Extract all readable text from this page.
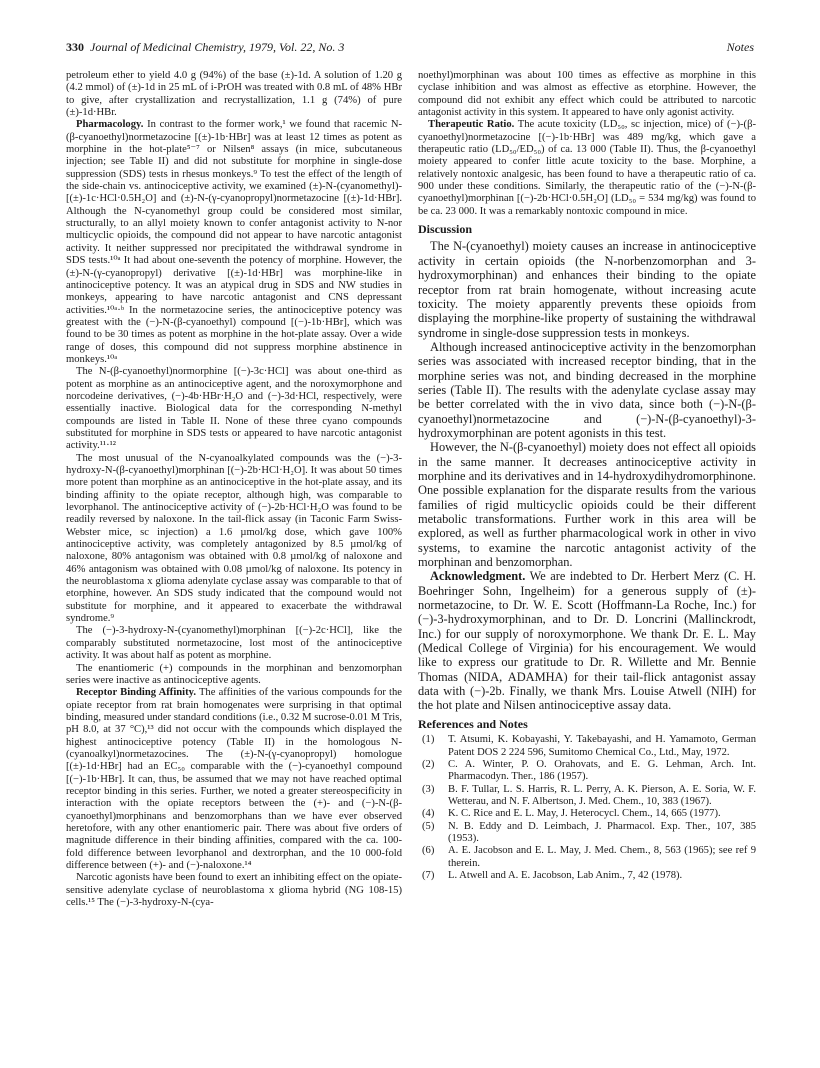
330 Journal of Medicinal Chemistry, 1979, Vol. 22, No. 3	Notes

petroleum ether to yield 4.0 g (94%) of the base (±)-1d. A solution of 1.20 g (4.2 mmol) of (±)-1d in 25 mL of i-PrOH was treated with 0.8 mL of 48% HBr to give, after crystallization and recrystallization, 1.1 g (74%) of pure (±)-1d·HBr.

Pharmacology. In contrast to the former work,¹ we found that racemic N-(β-cyanoethyl)normetazocine [(±)-1b·HBr] was at least 12 times as potent as morphine in the hot-plate⁵⁻⁷ or Nilsen⁸ assays (in mice, subcutaneous injection; see Table II) and did not substitute for morphine in single-dose suppression (SDS) tests in rhesus monkeys.⁹ To test the effect of the length of the side-chain vs. antinociceptive activity, we examined (±)-N-(cyanomethyl)- [(±)-1c·HCl·0.5H₂O] and (±)-N-(γ-cyanopropyl)normetazocine [(±)-1d·HBr]. Although the N-cyanomethyl group could be considered most similar, structurally, to an allyl moiety known to confer antagonist activity to N-nor multicyclic opioids, the compound did not appear to have narcotic antagonist activity. It neither suppressed nor precipitated the withdrawal syndrome in SDS tests.¹⁰ᵃ It had about one-seventh the potency of morphine. However, the (±)-N-(γ-cyanopropyl) derivative [(±)-1d·HBr] was morphine-like in antinociceptive potency. It was an atypical drug in SDS and NW studies in monkeys, appearing to have narcotic antagonist and CNS depressant activities.¹⁰ᵃ·ᵇ In the normetazocine series, the antinociceptive potency was greatest with the (−)-N-(β-cyanoethyl) compound [(−)-1b·HBr], which was found to be 30 times as potent as morphine in the hot-plate assay. Over a wide range of doses, this compound did not suppress morphine abstinence in monkeys.¹⁰ᵃ

The N-(β-cyanoethyl)normorphine [(−)-3c·HCl] was about one-third as potent as morphine as an antinociceptive agent, and the noroxymorphone and norcodeine derivatives, (−)-4b·HBr·H₂O and (−)-3d·HCl, respectively, were essentially inactive. Biological data for the corresponding N-methyl compounds are listed in Table II. None of these three cyano compounds substituted for morphine in SDS tests or appeared to have narcotic antagonist activity.¹¹·¹²

The most unusual of the N-cyanoalkylated compounds was the (−)-3-hydroxy-N-(β-cyanoethyl)morphinan [(−)-2b·HCl·H₂O]. It was about 50 times more potent than morphine as an antinociceptive in the hot-plate assay, and its binding affinity to the opiate receptor, although high, was comparable to levorphanol. The antinociceptive activity of (−)-2b·HCl·H₂O was found to be readily reversed by naloxone. In the tail-flick assay (in Taconic Farm Swiss-Webster mice, sc injection) a 1.6 µmol/kg dose, which gave 100% antinociceptive activity, was completely antagonized by 8.5 µmol/kg of naloxone, 80% antagonism was obtained with 0.8 µmol/kg of naloxone and 46% antagonism was obtained with 0.08 µmol/kg of naloxone. Its potency in the neuroblastoma x glioma adenylate cyclase assay was comparable to that of etorphine, however. An SDS study indicated that the compound would not substitute for morphine, and it appeared to exacerbate the withdrawal syndrome.⁹

The (−)-3-hydroxy-N-(cyanomethyl)morphinan [(−)-2c·HCl], like the comparably substituted normetazocine, lost most of the antinociceptive activity. It was about half as potent as morphine.

The enantiomeric (+) compounds in the morphinan and benzomorphan series were inactive as antinociceptive agents.

Receptor Binding Affinity. The affinities of the various compounds for the opiate receptor from rat brain homogenates were surprising in that optimal binding, measured under standard conditions (i.e., 0.32 M sucrose-0.01 M Tris, pH 8.0, at 37 °C),¹³ did not occur with the compounds which displayed the highest antinociceptive potency (Table II) in the homologous N-(cyanoalkyl)normetazocines. The (±)-N-(γ-cyanopropyl) homologue [(±)-1d·HBr] had an EC₅₀ comparable with the (−)-cyanoethyl compound [(−)-1b·HBr]. It can, thus, be assumed that we may not have reached optimal receptor binding in this series. Further, we noted a greater stereospecificity in interaction with the opiate receptors between the (+)- and (−)-N-(β-cyanoethyl)morphinans and benzomorphans than we have ever observed heretofore, with any other enantiomeric pair. There was about five orders of magnitude difference in their binding affinities, compared with the ca. 100-fold difference between levorphanol and dextrorphan, and the 10 000-fold difference between (+)- and (−)-naloxone.¹⁴

Narcotic agonists have been found to exert an inhibiting effect on the opiate-sensitive adenylate cyclase of neuroblastoma x glioma hybrid (NG 108-15) cells.¹⁵ The (−)-3-hydroxy-N-(cya-

noethyl)morphinan was about 100 times as effective as morphine in this cyclase inhibition and was almost as effective as etorphine. However, the compound did not exhibit any effect which could be attributed to narcotic antagonist activity in this system. It appeared to have only agonist activity.

Therapeutic Ratio. The acute toxicity (LD₅₀, sc injection, mice) of (−)-(β-cyanoethyl)normetazocine [(−)-1b·HBr] was 489 mg/kg, which gave a therapeutic ratio (LD₅₀/ED₅₀) of ca. 13 000 (Table II). Thus, the β-cyanoethyl moiety appeared to confer little acute toxicity to the base. Morphine, a relatively nontoxic analgesic, has been found to have a therapeutic ratio of ca. 900 under these conditions. Similarly, the therapeutic ratio of the (−)-N-(β-cyanoethyl)morphinan [(−)-2b·HCl·0.5H₂O] (LD₅₀ = 534 mg/kg) was found to be ca. 23 000. It was a remarkably nontoxic compound in mice.

Discussion

The N-(cyanoethyl) moiety causes an increase in antinociceptive activity in certain opioids (the N-norbenzomorphan and 3-hydroxymorphinan) and enhances their binding to the opiate receptor from rat brain homogenate, without increasing acute toxicity. The moiety apparently prevents these opioids from displaying the morphine-like property of sustaining the withdrawal syndrome in single-dose suppression tests in monkeys.

Although increased antinociceptive activity in the benzomorphan series was associated with increased receptor binding, that in the morphine series was not, and binding decreased in the morphine series (Table II). The results with the adenylate cyclase assay may be better correlated with the in vivo data, since both (−)-N-(β-cyanoethyl)normetazocine and (−)-N-(β-cyanoethyl)-3-hydroxymorphinan are potent agonists in this test.

However, the N-(β-cyanoethyl) moiety does not effect all opioids in the same manner. It decreases antinociceptive activity in morphine and its derivatives and in 14-hydroxydihydromorphinone. One possible explanation for the disparate results from the various families of rigid multicyclic opioids could be their different metabolic transformations. Further work in this area will be explored, as well as further pharmacological work in other in vivo systems, to examine the narcotic antagonist activity of the morphinan and benzomorphan.

Acknowledgment. We are indebted to Dr. Herbert Merz (C. H. Boehringer Sohn, Ingelheim) for a generous supply of (±)-normetazocine, to Dr. W. E. Scott (Hoffmann-La Roche, Inc.) for (−)-3-hydroxymorphinan, and to Dr. D. Loncrini (Mallinckrodt, Inc.) for our supply of noroxymorphone. We thank Dr. E. L. May (Medical College of Virginia) for his encouragement. We would like to express our gratitude to Dr. R. Willette and Mr. Bennie Thomas (NIDA, ADAMHA) for their tail-flick antagonist assay data with (−)-2b. Finally, we thank Mrs. Louise Atwell (NIH) for the hot plate and Nilsen antinociceptive assay data.

References and Notes
(1) T. Atsumi, K. Kobayashi, Y. Takebayashi, and H. Yamamoto, German Patent DOS 2 224 596, Sumitomo Chemical Co., Ltd., May, 1972.
(2) C. A. Winter, P. O. Orahovats, and E. G. Lehman, Arch. Int. Pharmacodyn. Ther., 186 (1957).
(3) B. F. Tullar, L. S. Harris, R. L. Perry, A. K. Pierson, A. E. Soria, W. F. Wetterau, and N. F. Albertson, J. Med. Chem., 10, 383 (1967).
(4) K. C. Rice and E. L. May, J. Heterocycl. Chem., 14, 665 (1977).
(5) N. B. Eddy and D. Leimbach, J. Pharmacol. Exp. Ther., 107, 385 (1953).
(6) A. E. Jacobson and E. L. May, J. Med. Chem., 8, 563 (1965); see ref 9 therein.
(7) L. Atwell and A. E. Jacobson, Lab Anim., 7, 42 (1978).
